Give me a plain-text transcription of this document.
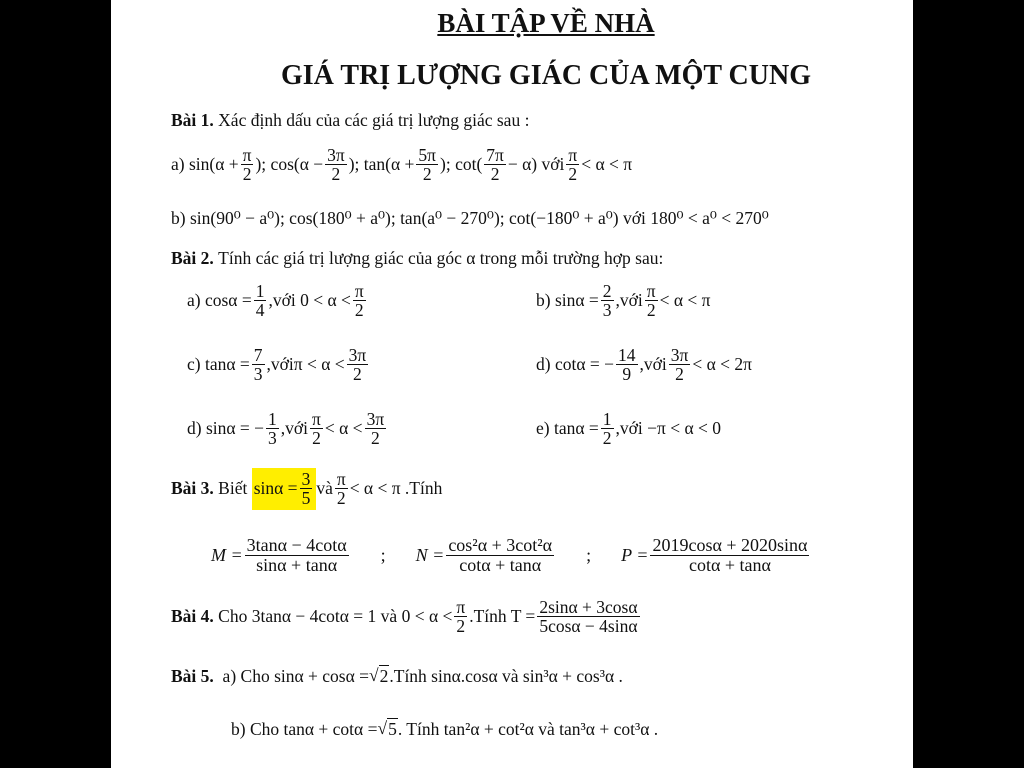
BÀI TẬP VỀ NHÀ
GIÁ TRỊ LƯỢNG GIÁC CỦA MỘT CUNG
Bài 1.
Xác định dấu của các giá trị lượng giác sau :
a) $\sin(\alpha + \frac{\pi}{2}$ ); $\cos(\alpha - \frac{3\pi}{2}$ ); $\tan(\alpha + \frac{5\pi}{2}$ ); $\cot( \frac{7\pi}{2} - \alpha)$ với $\frac{\pi}{2} < \alpha < \pi$
b) sin(90⁰ − a⁰); cos(180⁰ + a⁰); tan(a⁰ − 270⁰); cot(−180⁰ + a⁰) với 180⁰ < a⁰ < 270⁰
Bài 2.
Tính các giá trị lượng giác của góc α trong mỗi trường hợp sau:
a) $\cos\alpha = \frac{1}{4}$ ,với $0 < \alpha < \frac{\pi}{2}$	b) $\sin\alpha = \frac{2}{3}$ ,với $\frac{\pi}{2} < \alpha < \pi$
c) $\tan\alpha = \frac{7}{3}$ ,vớiπ < $\alpha < \frac{3\pi}{2}$	d) cotα = − $\frac{14}{9}$ ,với $\frac{3\pi}{2} < \alpha < 2\pi$
d) sinα = − $\frac{1}{3}$ ,với $\frac{\pi}{2} < \alpha < \frac{3\pi}{2}$	e) $\tan\alpha = \frac{1}{2}$ ,với −π < α < 0
Bài 3.
Biết
$\sin\alpha = \frac{3}{5}$ và $\frac{\pi}{2} < \alpha < \pi$ .Tính
$M = \frac{3\tan\alpha - 4\cot\alpha}{\sin\alpha + \tan\alpha}$ ; $N = \frac{\text{cos²α + 3cot²α}}{\cot\alpha + \tan\alpha}$ ; $P = \frac{2019\cos\alpha + 2020\sin\alpha}{\cot\alpha + \tan\alpha}$
Bài 4.
Cho 3tanα − 4cotα = 1 và $0 < \alpha < \frac{\pi}{2}$ .Tính $T = \frac{2\sin\alpha + 3\cos\alpha}{5\cos\alpha - 4\sin\alpha}$
Bài 5.
a) Cho sinα + cosα = √ 2 .Tính sinα.cosα và sin³α + cos³α .
b) Cho tanα + cotα = √ 5 . Tính tan²α + cot²α và tan³α + cot³α .
